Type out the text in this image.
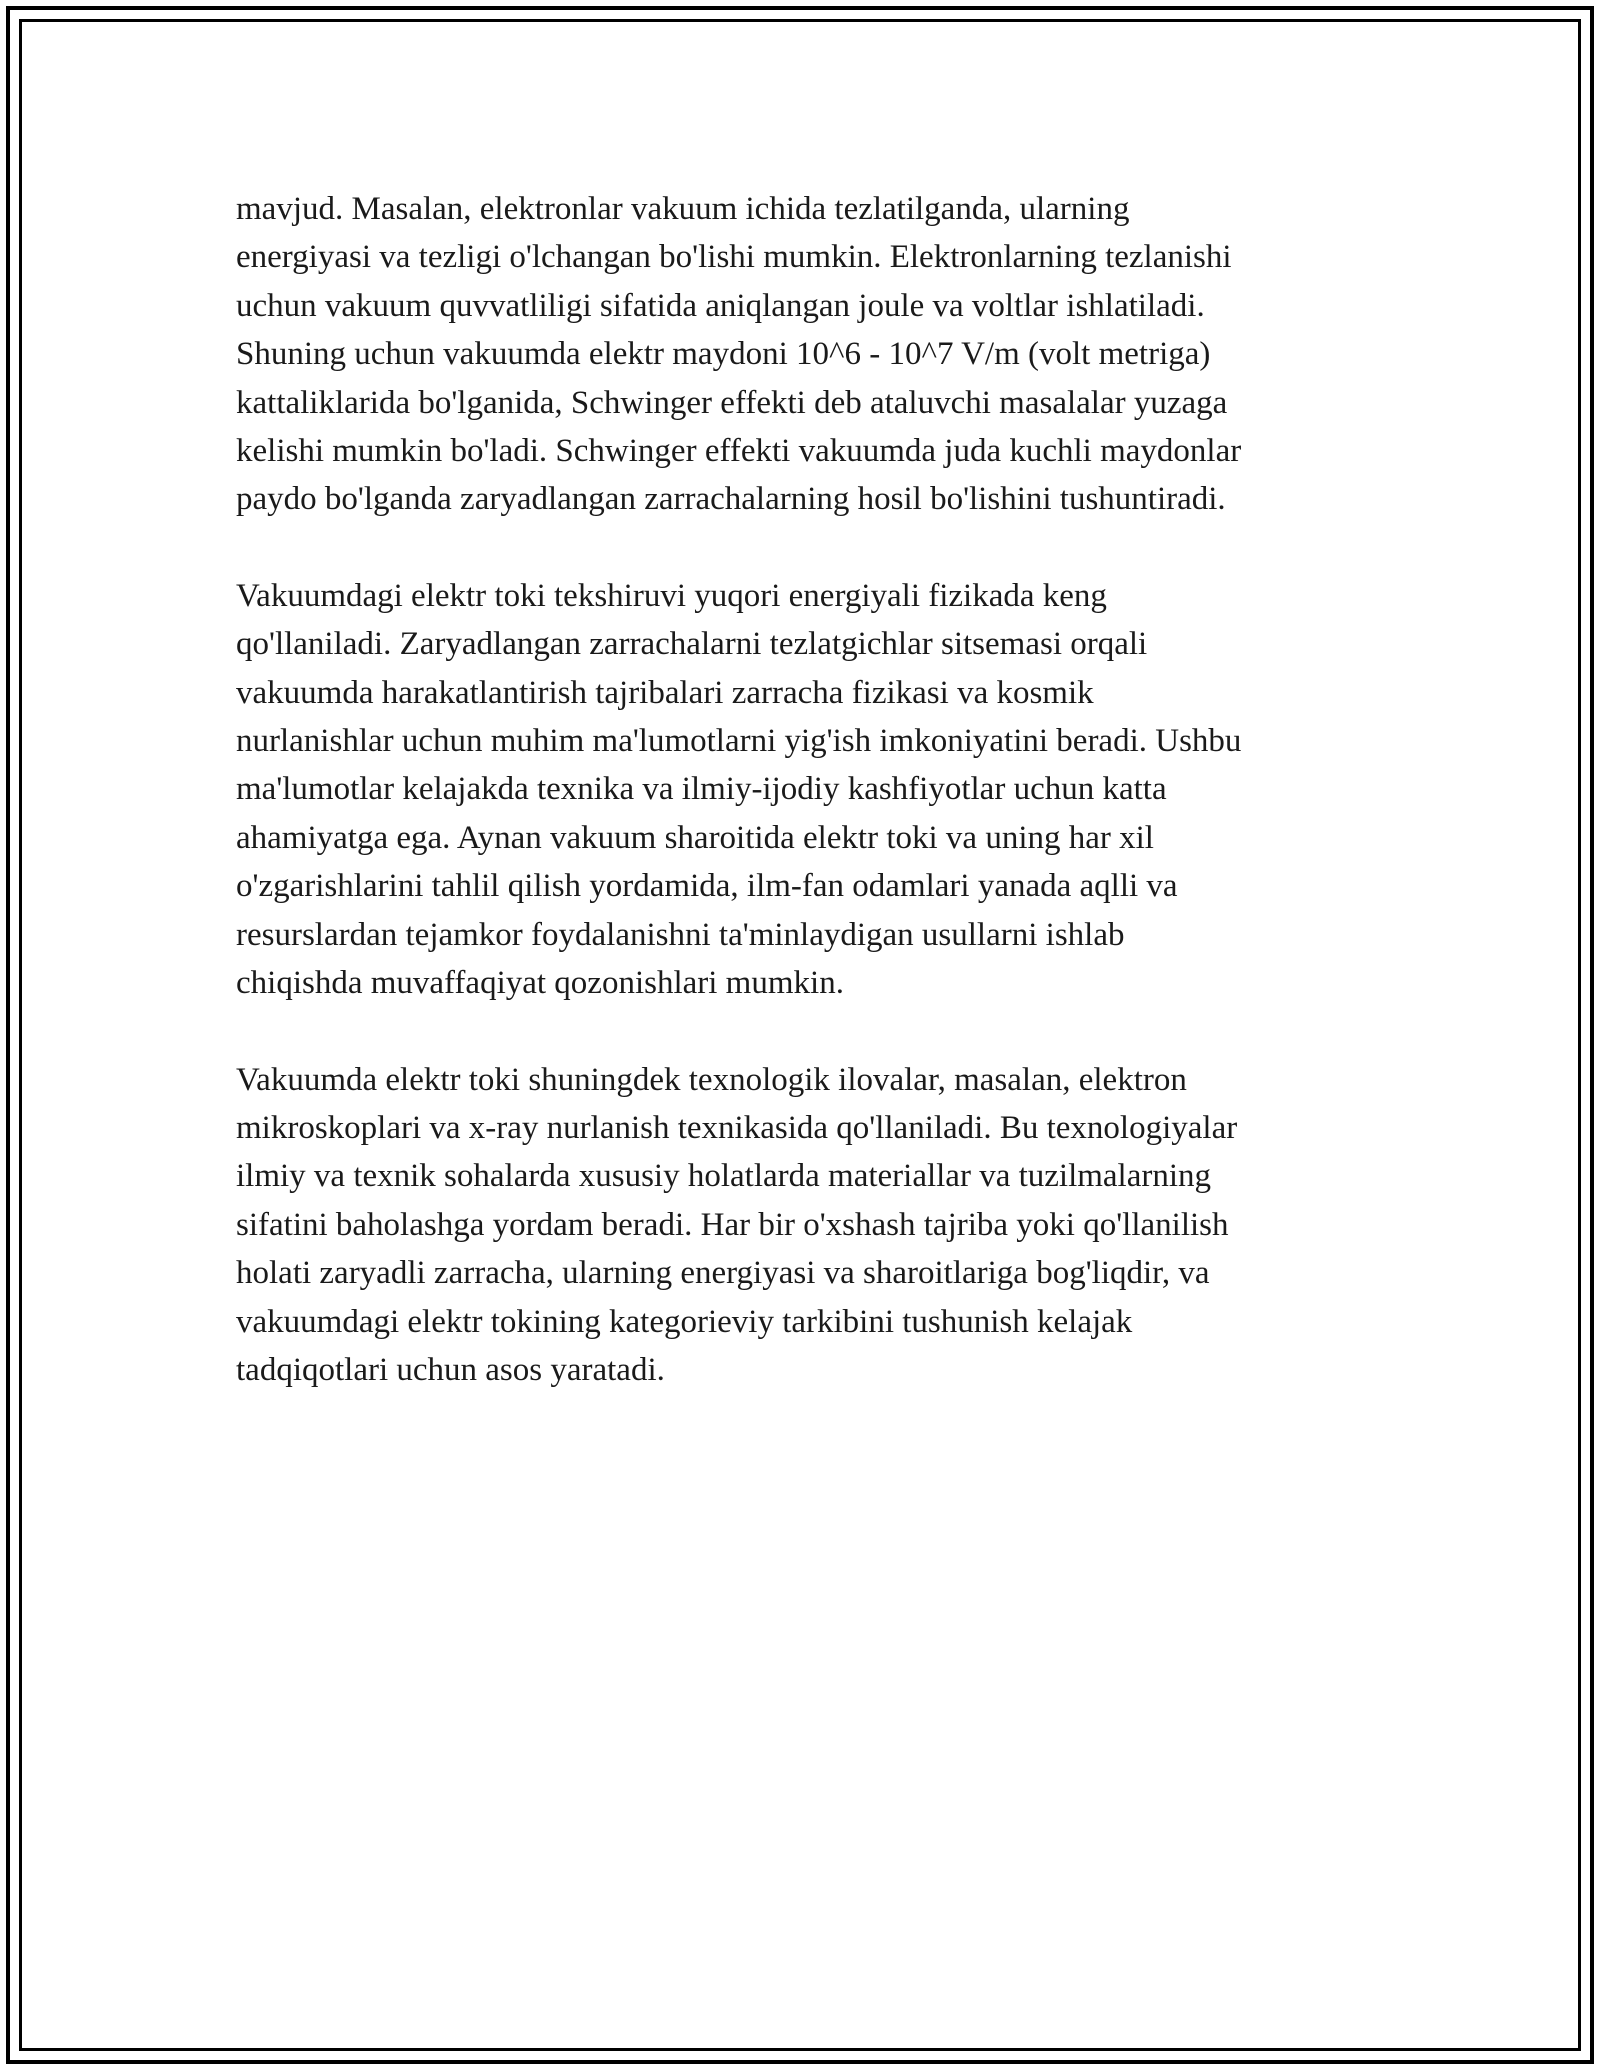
mavjud. Masalan, elektronlar vakuum ichida tezlatilganda, ularning
energiyasi va tezligi o'lchangan bo'lishi mumkin. Elektronlarning tezlanishi
uchun vakuum quvvatliligi sifatida aniqlangan joule va voltlar ishlatiladi.
Shuning uchun vakuumda elektr maydoni 10^6 - 10^7 V/m (volt metriga)
kattaliklarida bo'lganida, Schwinger effekti deb ataluvchi masalalar yuzaga
kelishi mumkin bo'ladi. Schwinger effekti vakuumda juda kuchli maydonlar
paydo bo'lganda zaryadlangan zarrachalarning hosil bo'lishini tushuntiradi.

Vakuumdagi elektr toki tekshiruvi yuqori energiyali fizikada keng
qo'llaniladi. Zaryadlangan zarrachalarni tezlatgichlar sitsemasi orqali
vakuumda harakatlantirish tajribalari zarracha fizikasi va kosmik
nurlanishlar uchun muhim ma'lumotlarni yig'ish imkoniyatini beradi. Ushbu
ma'lumotlar kelajakda texnika va ilmiy-ijodiy kashfiyotlar uchun katta
ahamiyatga ega. Aynan vakuum sharoitida elektr toki va uning har xil
o'zgarishlarini tahlil qilish yordamida, ilm-fan odamlari yanada aqlli va
resurslardan tejamkor foydalanishni ta'minlaydigan usullarni ishlab
chiqishda muvaffaqiyat qozonishlari mumkin.

Vakuumda elektr toki shuningdek texnologik ilovalar, masalan, elektron
mikroskoplari va x-ray nurlanish texnikasida qo'llaniladi. Bu texnologiyalar
ilmiy va texnik sohalarda xususiy holatlarda materiallar va tuzilmalarning
sifatini baholashga yordam beradi. Har bir o'xshash tajriba yoki qo'llanilish
holati zaryadli zarracha, ularning energiyasi va sharoitlariga bog'liqdir, va
vakuumdagi elektr tokining kategorieviy tarkibini tushunish kelajak
tadqiqotlari uchun asos yaratadi.
